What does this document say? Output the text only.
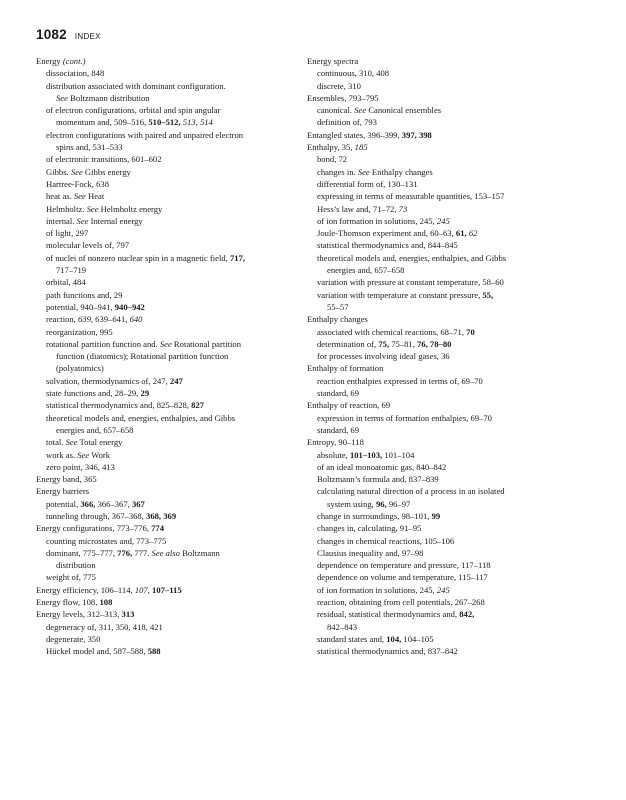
1082 INDEX
Energy (cont.)
dissociation, 848
distribution associated with dominant configuration.
See Boltzmann distribution
of electron configurations, orbital and spin angular
momentum and, 509–516, 510–512, 513, 514
electron configurations with paired and unpaired electron
spins and, 531–533
of electronic transitions, 601–602
Gibbs. See Gibbs energy
Hartree-Fock, 638
heat as. See Heat
Helmholtz. See Helmholtz energy
internal. See Internal energy
of light, 297
molecular levels of, 797
of nuclei of nonzero nuclear spin in a magnetic field, 717,
717–719
orbital, 484
path functions and, 29
potential, 940–941, 940–942
reaction, 639, 639–641, 640
reorganization, 995
rotational partition function and. See Rotational partition
function (diatomics); Rotational partition function
(polyatomics)
solvation, thermodynamics of, 247, 247
state functions and, 28–29, 29
statistical thermodynamics and, 825–828, 827
theoretical models and, energies, enthalpies, and Gibbs
energies and, 657–658
total. See Total energy
work as. See Work
zero point, 346, 413
Energy band, 365
Energy barriers
potential, 366, 366–367, 367
tunneling through, 367–368, 368, 369
Energy configurations, 773–776, 774
counting microstates and, 773–775
dominant, 775–777, 776, 777. See also Boltzmann
distribution
weight of, 775
Energy efficiency, 106–114, 107, 107–115
Energy flow, 108, 108
Energy levels, 312–313, 313
degeneracy of, 311, 350, 418, 421
degenerate, 350
Hückel model and, 587–588, 588
Energy spectra
continuous, 310, 408
discrete, 310
Ensembles, 793–795
canonical. See Canonical ensembles
definition of, 793
Entangled states, 396–399, 397, 398
Enthalpy, 35, 185
bond, 72
changes in. See Enthalpy changes
differential form of, 130–131
expressing in terms of measurable quantities, 153–157
Hess’s law and, 71–72, 73
of ion formation in solutions, 245, 245
Joule-Thomson experiment and, 60–63, 61, 62
statistical thermodynamics and, 844–845
theoretical models and, energies, enthalpies, and Gibbs
energies and, 657–658
variation with pressure at constant temperature, 58–60
variation with temperature at constant pressure, 55,
55–57
Enthalpy changes
associated with chemical reactions, 68–71, 70
determination of, 75, 75–81, 76, 78–80
for processes involving ideal gases, 36
Enthalpy of formation
reaction enthalpies expressed in terms of, 69–70
standard, 69
Enthalpy of reaction, 69
expression in terms of formation enthalpies, 69–70
standard, 69
Entropy, 90–118
absolute, 101–103, 101–104
of an ideal monoatomic gas, 840–842
Boltzmann’s formula and, 837–839
calculating natural direction of a process in an isolated
system using, 96, 96–97
change in surroundings, 98–101, 99
changes in, calculating, 91–95
changes in chemical reactions, 105–106
Clausius inequality and, 97–98
dependence on temperature and pressure, 117–118
dependence on volume and temperature, 115–117
of ion formation in solutions, 245, 245
reaction, obtaining from cell potentials, 267–268
residual, statistical thermodynamics and, 842,
842–843
standard states and, 104, 104–105
statistical thermodynamics and, 837–842
